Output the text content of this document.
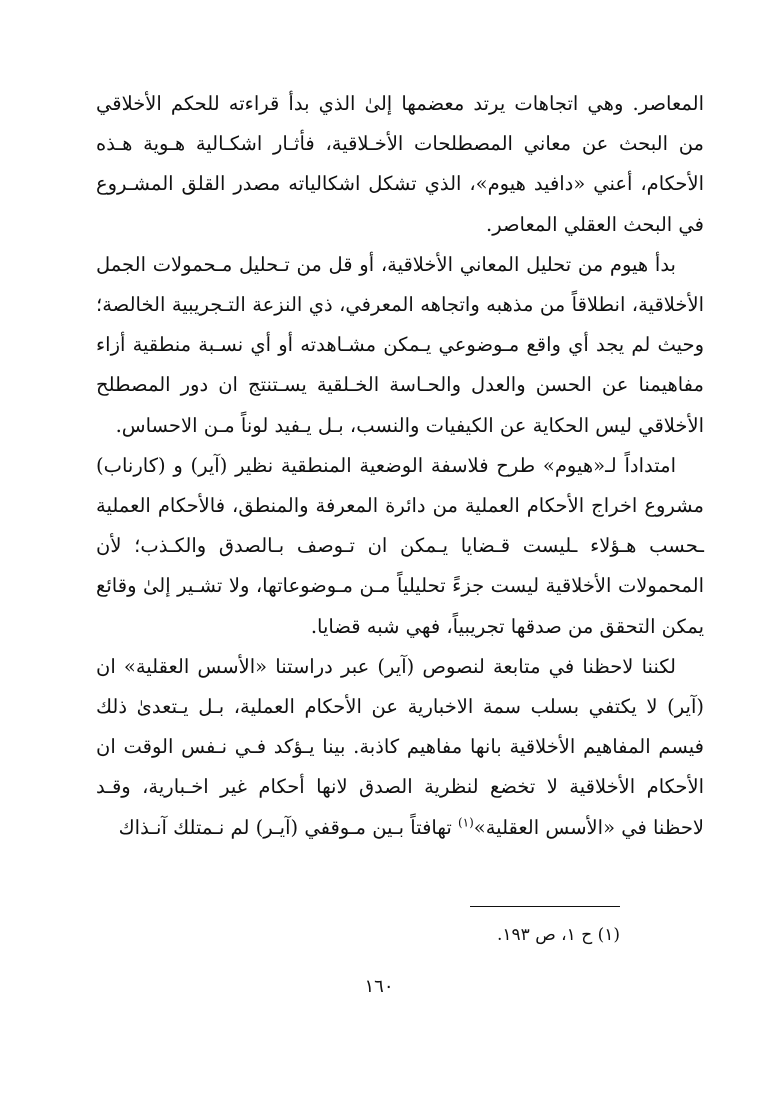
المعاصر. وهي اتجاهات يرتد معضمها إلىٰ الذي بدأ قراءته للحكم الأخلاقي من البحث عن معاني المصطلحات الأخـلاقية، فأثـار اشكـالية هـوية هـذه الأحكام، أعني «دافيد هيوم»، الذي تشكل اشكالياته مصدر القلق المشـروع في البحث العقلي المعاصر.

بدأ هيوم من تحليل المعاني الأخلاقية، أو قل من تـحليل مـحمولات الجمل الأخلاقية، انطلاقاً من مذهبه واتجاهه المعرفي، ذي النزعة التـجريبية الخالصة؛ وحيث لم يجد أي واقع مـوضوعي يـمكن مشـاهدته أو أي نسـبة منطقية أزاء مفاهيمنا عن الحسن والعدل والحـاسة الخـلقية يسـتنتج ان دور المصطلح الأخلاقي ليس الحكاية عن الكيفيات والنسب، بـل يـفيد لوناً مـن الاحساس.

امتداداً لـ«هيوم» طرح فلاسفة الوضعية المنطقية نظير (آير) و (كارناب) مشروع اخراج الأحكام العملية من دائرة المعرفة والمنطق، فالأحكام العملية ـحسب هـؤلاء ـليست قـضايا يـمكن ان تـوصف بـالصدق والكـذب؛ لأن المحمولات الأخلاقية ليست جزءً تحليلياً مـن مـوضوعاتها، ولا تشـير إلىٰ وقائع يمكن التحقق من صدقها تجريبياً، فهي شبه قضايا.

لكننا لاحظنا في متابعة لنصوص (آير) عبر دراستنا «الأسس العقلية» ان (آير) لا يكتفي بسلب سمة الاخبارية عن الأحكام العملية، بـل يـتعدىٰ ذلك فيسم المفاهيم الأخلاقية بانها مفاهيم كاذبة. بينا يـؤكد فـي نـفس الوقت ان الأحكام الأخلاقية لا تخضع لنظرية الصدق لانها أحكام غير اخـبارية، وقـد لاحظنا في «الأسس العقلية»$^{(١)}$ تهافتاً بـين مـوقفي (آيـر) لم نـمتلك آنـذاك

(١) ح ١، ص ١٩٣.
١٦٠
